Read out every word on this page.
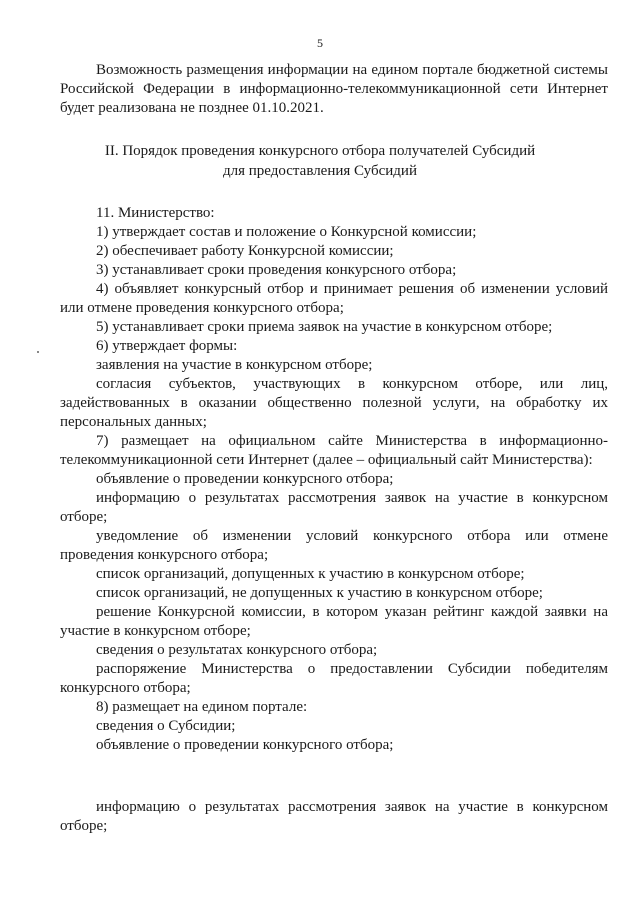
5

Возможность размещения информации на едином портале бюджетной системы Российской Федерации в информационно-телекоммуникационной сети Интернет будет реализована не позднее 01.10.2021.

II. Порядок проведения конкурсного отбора получателей Субсидий
для предоставления Субсидий

11. Министерство:

1) утверждает состав и положение о Конкурсной комиссии;

2) обеспечивает работу Конкурсной комиссии;

3) устанавливает сроки проведения конкурсного отбора;

4) объявляет конкурсный отбор и принимает решения об изменении условий или отмене проведения конкурсного отбора;

5) устанавливает сроки приема заявок на участие в конкурсном отборе;

6) утверждает формы:

заявления на участие в конкурсном отборе;

согласия субъектов, участвующих в конкурсном отборе, или лиц, задействованных в оказании общественно полезной услуги, на обработку их персональных данных;

7) размещает на официальном сайте Министерства в информационно-телекоммуникационной сети Интернет (далее – официальный сайт Министерства):

объявление о проведении конкурсного отбора;

информацию о результатах рассмотрения заявок на участие в конкурсном отборе;

уведомление об изменении условий конкурсного отбора или отмене проведения конкурсного отбора;

список организаций, допущенных к участию в конкурсном отборе;

список организаций, не допущенных к участию в конкурсном отборе;

решение Конкурсной комиссии, в котором указан рейтинг каждой заявки на участие в конкурсном отборе;

сведения о результатах конкурсного отбора;

распоряжение Министерства о предоставлении Субсидии победителям конкурсного отбора;

8) размещает на едином портале:

сведения о Субсидии;

объявление о проведении конкурсного отбора;

информацию о результатах рассмотрения заявок на участие в конкурсном отборе;
